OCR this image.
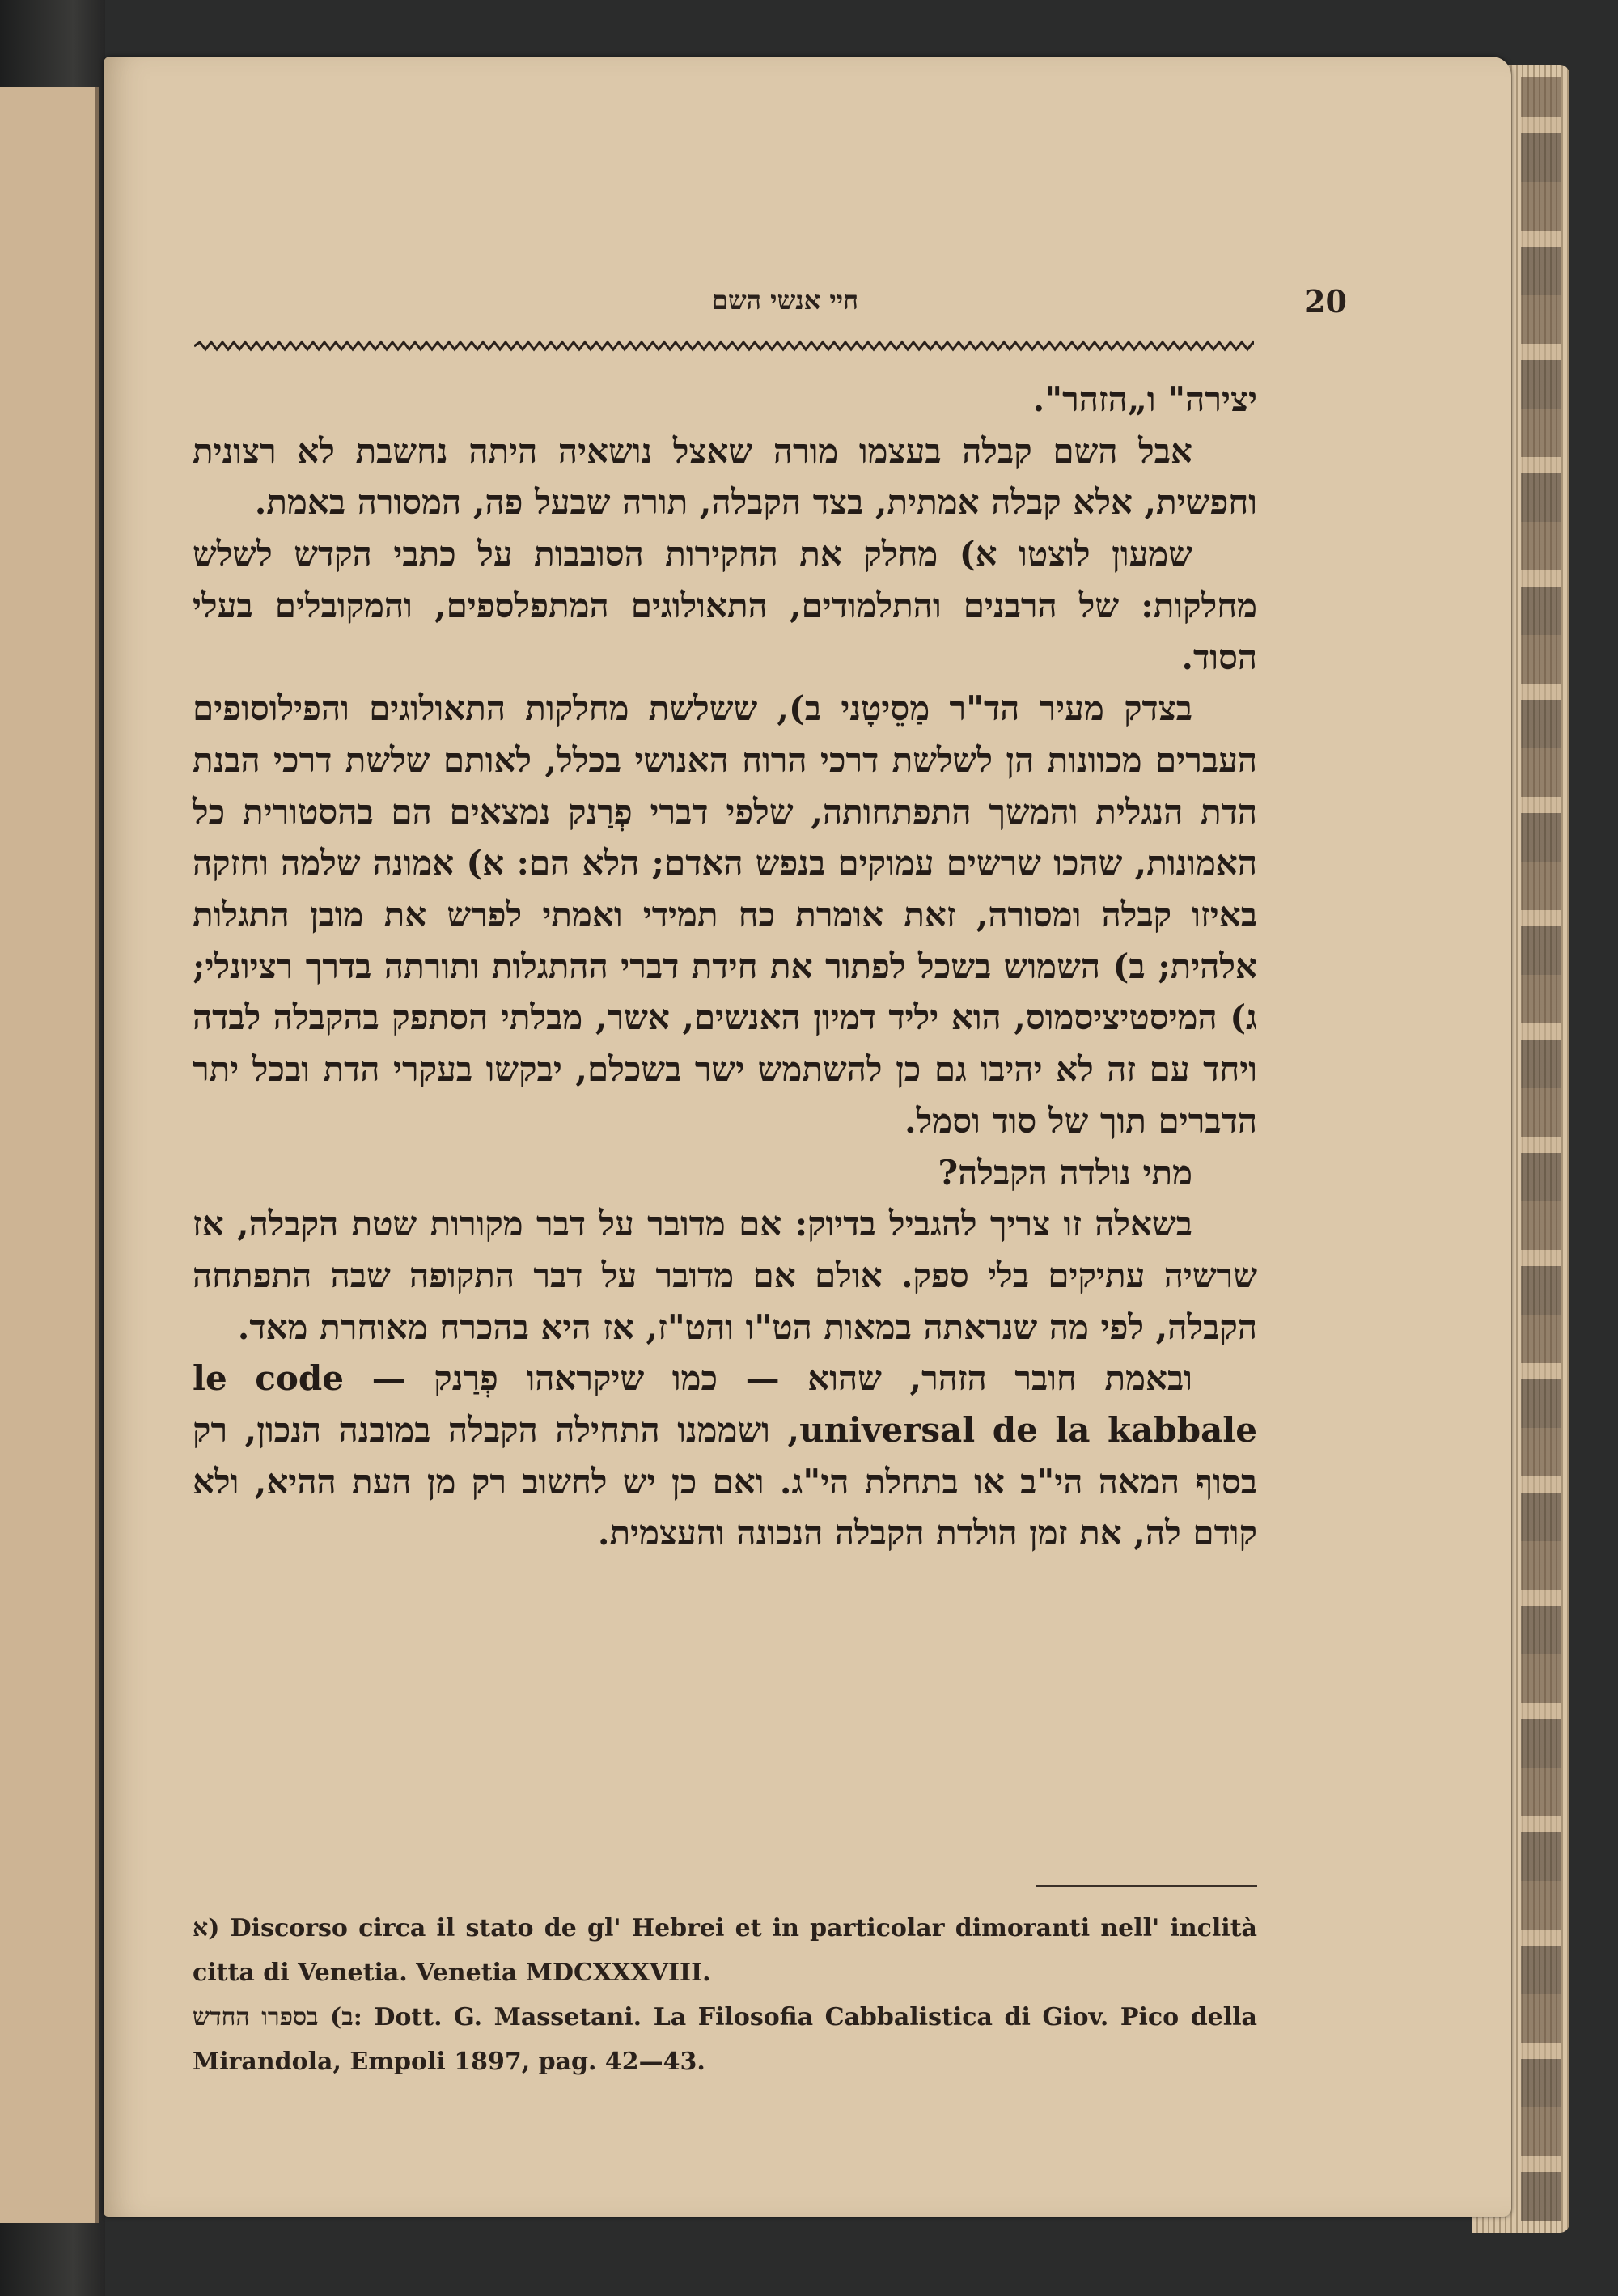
20
חיי אנשי השם

יצירה" ו„הזהר".

אבל השם קבלה בעצמו מורה שאצל נושאיה היתה נחשבת לא רצונית וחפשית, אלא קבלה אמתית, בצד הקבלה, תורה שבעל פה, המסורה באמת.

שמעון לוצטו א) מחלק את החקירות הסובבות על כתבי הקדש לשלש מחלקות: של הרבנים והתלמודים, התאולוגים המתפלספים, והמקובלים בעלי הסוד.

בצדק מעיר הד"ר מַסֵיטָני ב), ששלשת מחלקות התאולוגים והפילוסופים העברים מכוונות הן לשלשת דרכי הרוח האנושי בכלל, לאותם שלשת דרכי הבנת הדת הנגלית והמשך התפתחותה, שלפי דברי פְרַנק נמצאים הם בהסטורית כל האמונות, שהכו שרשים עמוקים בנפש האדם; הלא הם: א) אמונה שלמה וחזקה באיזו קבלה ומסורה, זאת אומרת כח תמידי ואמתי לפרש את מובן התגלות אלהית; ב) השמוש בשכל לפתור את חידת דברי ההתגלות ותורתה בדרך רציונלי; ג) המיסטיציסמוס, הוא יליד דמיון האנשים, אשר, מבלתי הסתפק בהקבלה לבדה ויחד עם זה לא יהיבו גם כן להשתמש ישר בשכלם, יבקשו בעקרי הדת ובכל יתר הדברים תוך של סוד וסמל.

מתי נולדה הקבלה?

בשאלה זו צריך להגביל בדיוק: אם מדובר על דבר מקורות שטת הקבלה, אז שרשיה עתיקים בלי ספק. אולם אם מדובר על דבר התקופה שבה התפתחה הקבלה, לפי מה שנראתה במאות הט"ו והט"ז, אז היא בהכרח מאוחרת מאד.

ובאמת חובר הזהר, שהוא — כמו שיקראהו פְרַנק — le code universal de la kabbale, ושממנו התחילה הקבלה במובנה הנכון, רק בסוף המאה הי"ב או בתחלת הי"ג. ואם כן יש לחשוב רק מן העת ההיא, ולא קודם לה, את זמן הולדת הקבלה הנכונה והעצמית.

א) Discorso circa il stato de gl' Hebrei et in particolar dimoranti nell' inclità citta di Venetia. Venetia MDCXXXVIII.

ב) בספרו החדש: Dott. G. Massetani. La Filosofia Cabbalistica di Giov. Pico della Mirandola, Empoli 1897, pag. 42—43.
